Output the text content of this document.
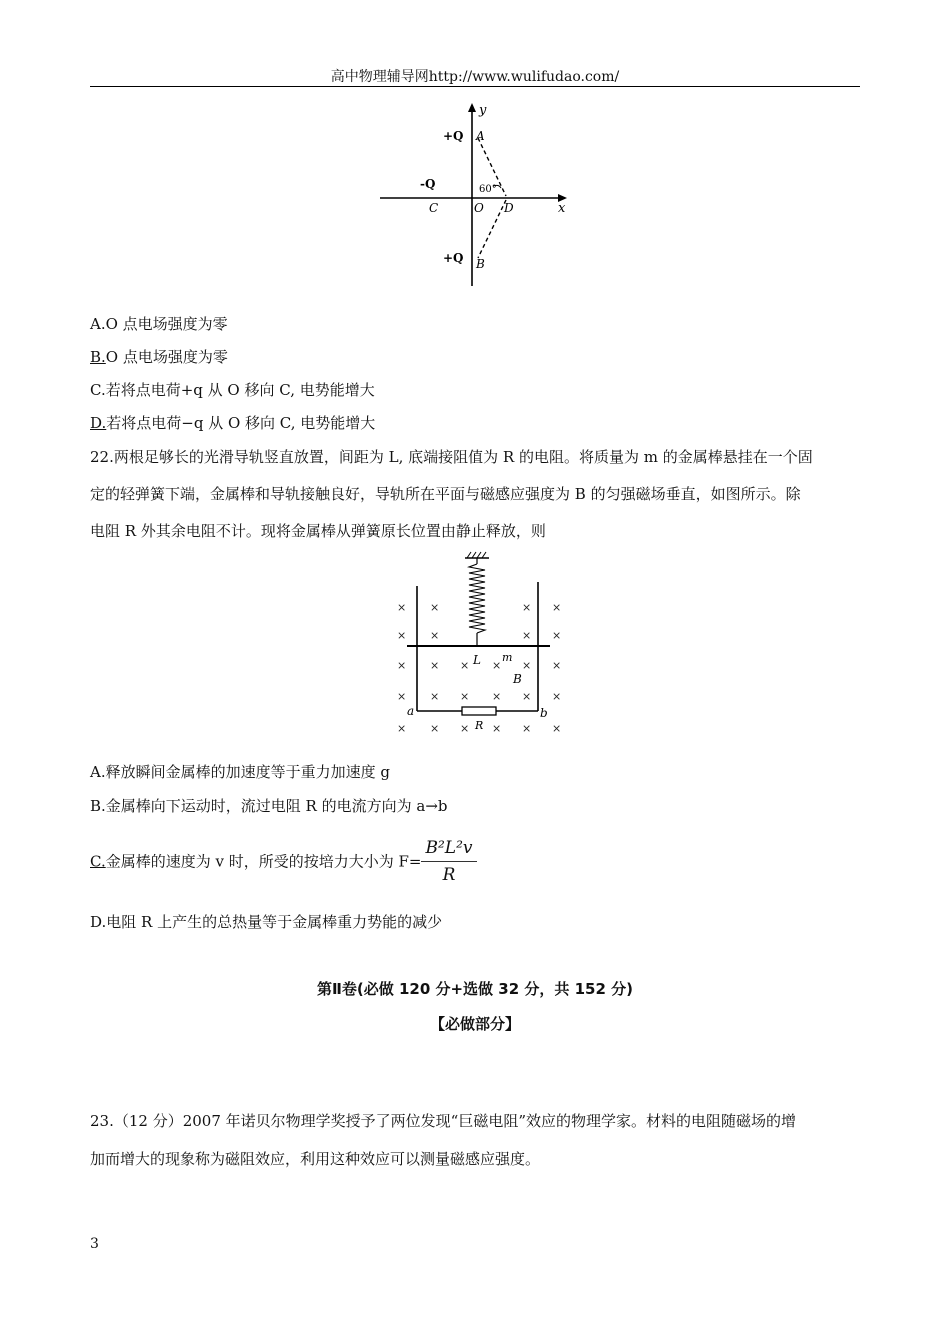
高中物理辅导网http://www.wulifudao.com/
y
x
+Q A
-Q
C	O D
60°
+Q B
A.O 点电场强度为零
B.O 点电场强度为零
C.若将点电荷+q 从 O 移向 C, 电势能增大
D.若将点电荷−q 从 O 移向 C, 电势能增大
22.两根足够长的光滑导轨竖直放置，间距为 L, 底端接阻值为 R 的电阻。将质量为 m 的金属棒悬挂在一个固
定的轻弹簧下端，金属棒和导轨接触良好，导轨所在平面与磁感应强度为 B 的匀强磁场垂直，如图所示。除
电阻 R 外其余电阻不计。现将金属棒从弹簧原长位置由静止释放，则
× ×	× ×
× ×	× ×
× × × × × ×
× × × × × ×
× × × × × ×
L m
B
a	b
R
A.释放瞬间金属棒的加速度等于重力加速度 g
B.金属棒向下运动时，流过电阻 R 的电流方向为 a→b
C.金属棒的速度为 v 时，所受的按培力大小为 $F= \frac{\text{B²L²v}}{R}$
D.电阻 R 上产生的总热量等于金属棒重力势能的减少
第Ⅱ卷(必做 120 分+选做 32 分，共 152 分)
【必做部分】
23.（12 分）2007 年诺贝尔物理学奖授予了两位发现“巨磁电阻”效应的物理学家。材料的电阻随磁场的增
加而增大的现象称为磁阻效应，利用这种效应可以测量磁感应强度。
3
